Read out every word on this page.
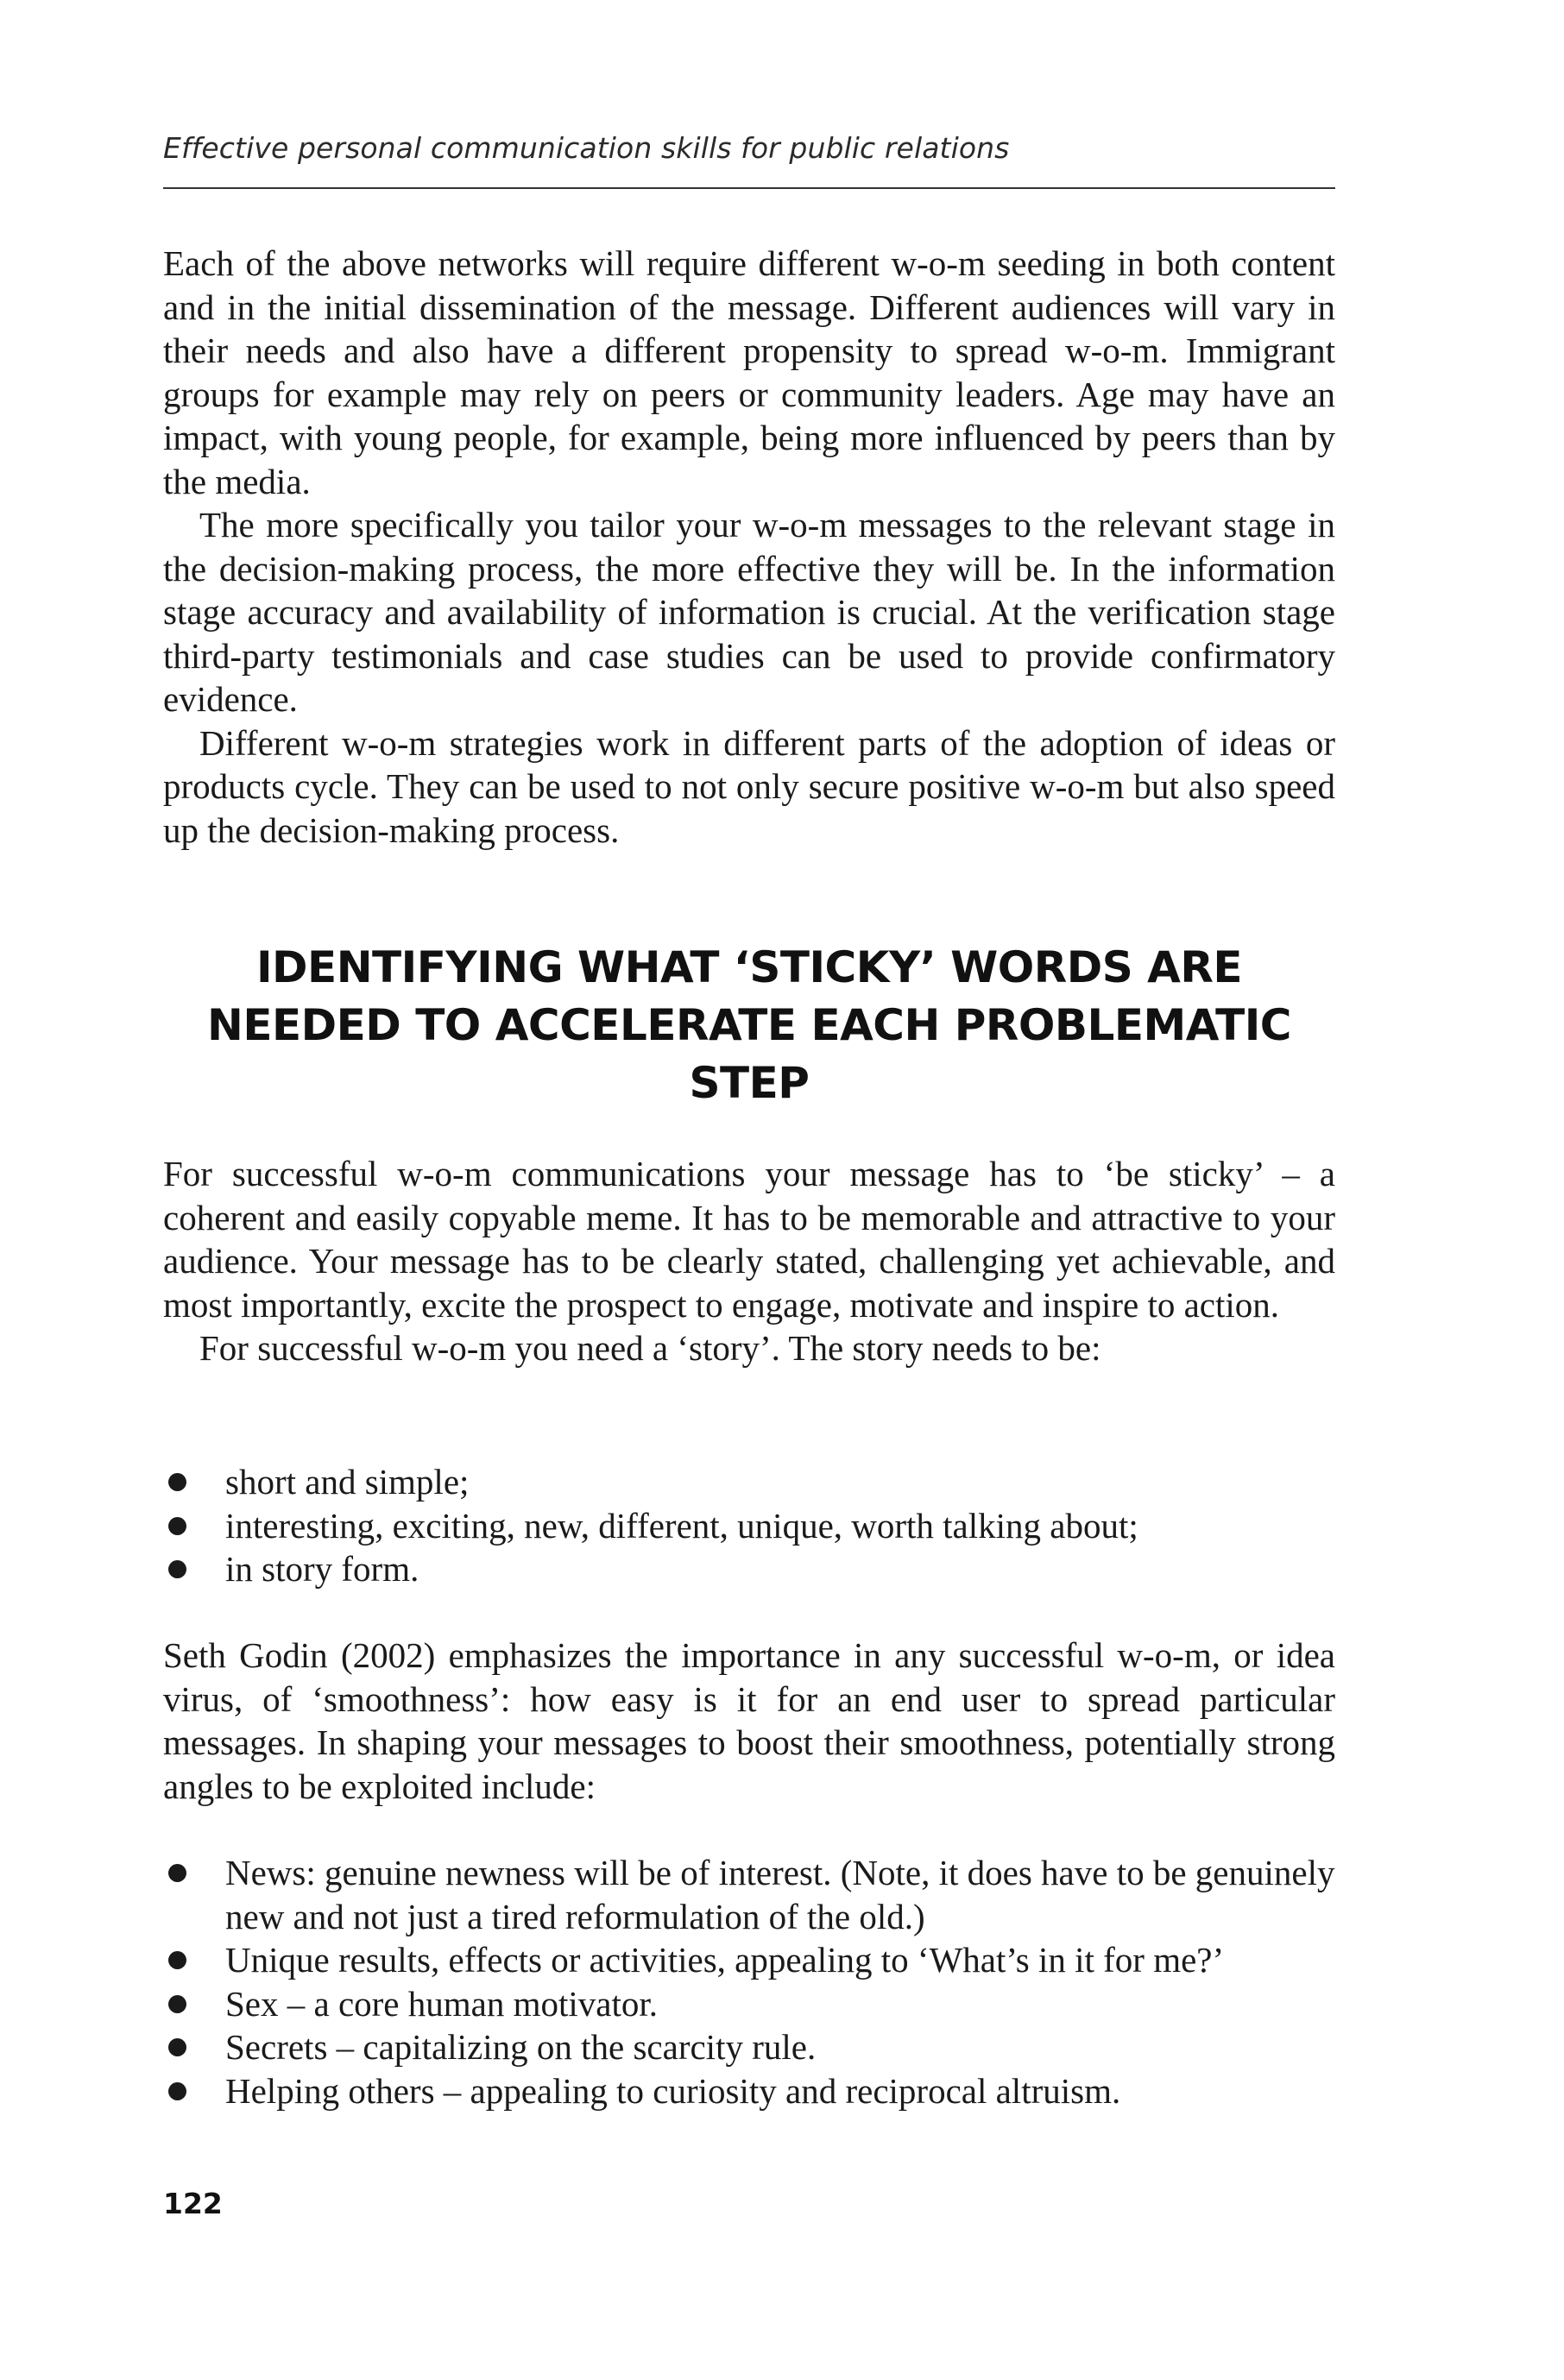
Effective personal communication skills for public relations

Each of the above networks will require different w-o-m seeding in both content and in the initial dissemination of the message. Different audiences will vary in their needs and also have a different propensity to spread w-o-m. Immigrant groups for example may rely on peers or community leaders. Age may have an impact, with young people, for example, being more influenced by peers than by the media.

The more specifically you tailor your w-o-m messages to the relevant stage in the decision-making process, the more effective they will be. In the information stage accuracy and availability of information is crucial. At the verification stage third-party testimonials and case studies can be used to provide confirmatory evidence.

Different w-o-m strategies work in different parts of the adoption of ideas or products cycle. They can be used to not only secure positive w-o-m but also speed up the decision-making process.

IDENTIFYING WHAT ‘STICKY’ WORDS ARE NEEDED TO ACCELERATE EACH PROBLEMATIC STEP

For successful w-o-m communications your message has to ‘be sticky’ – a coherent and easily copyable meme. It has to be memorable and attractive to your audience. Your message has to be clearly stated, challenging yet achievable, and most importantly, excite the prospect to engage, motivate and inspire to action.

For successful w-o-m you need a ‘story’. The story needs to be:

short and simple;
interesting, exciting, new, different, unique, worth talking about;
in story form.

Seth Godin (2002) emphasizes the importance in any successful w-o-m, or idea virus, of ‘smoothness’: how easy is it for an end user to spread particular messages. In shaping your messages to boost their smoothness, potentially strong angles to be exploited include:

News: genuine newness will be of interest. (Note, it does have to be genuinely new and not just a tired reformulation of the old.)
Unique results, effects or activities, appealing to ‘What’s in it for me?’
Sex – a core human motivator.
Secrets – capitalizing on the scarcity rule.
Helping others – appealing to curiosity and reciprocal altruism.
122
